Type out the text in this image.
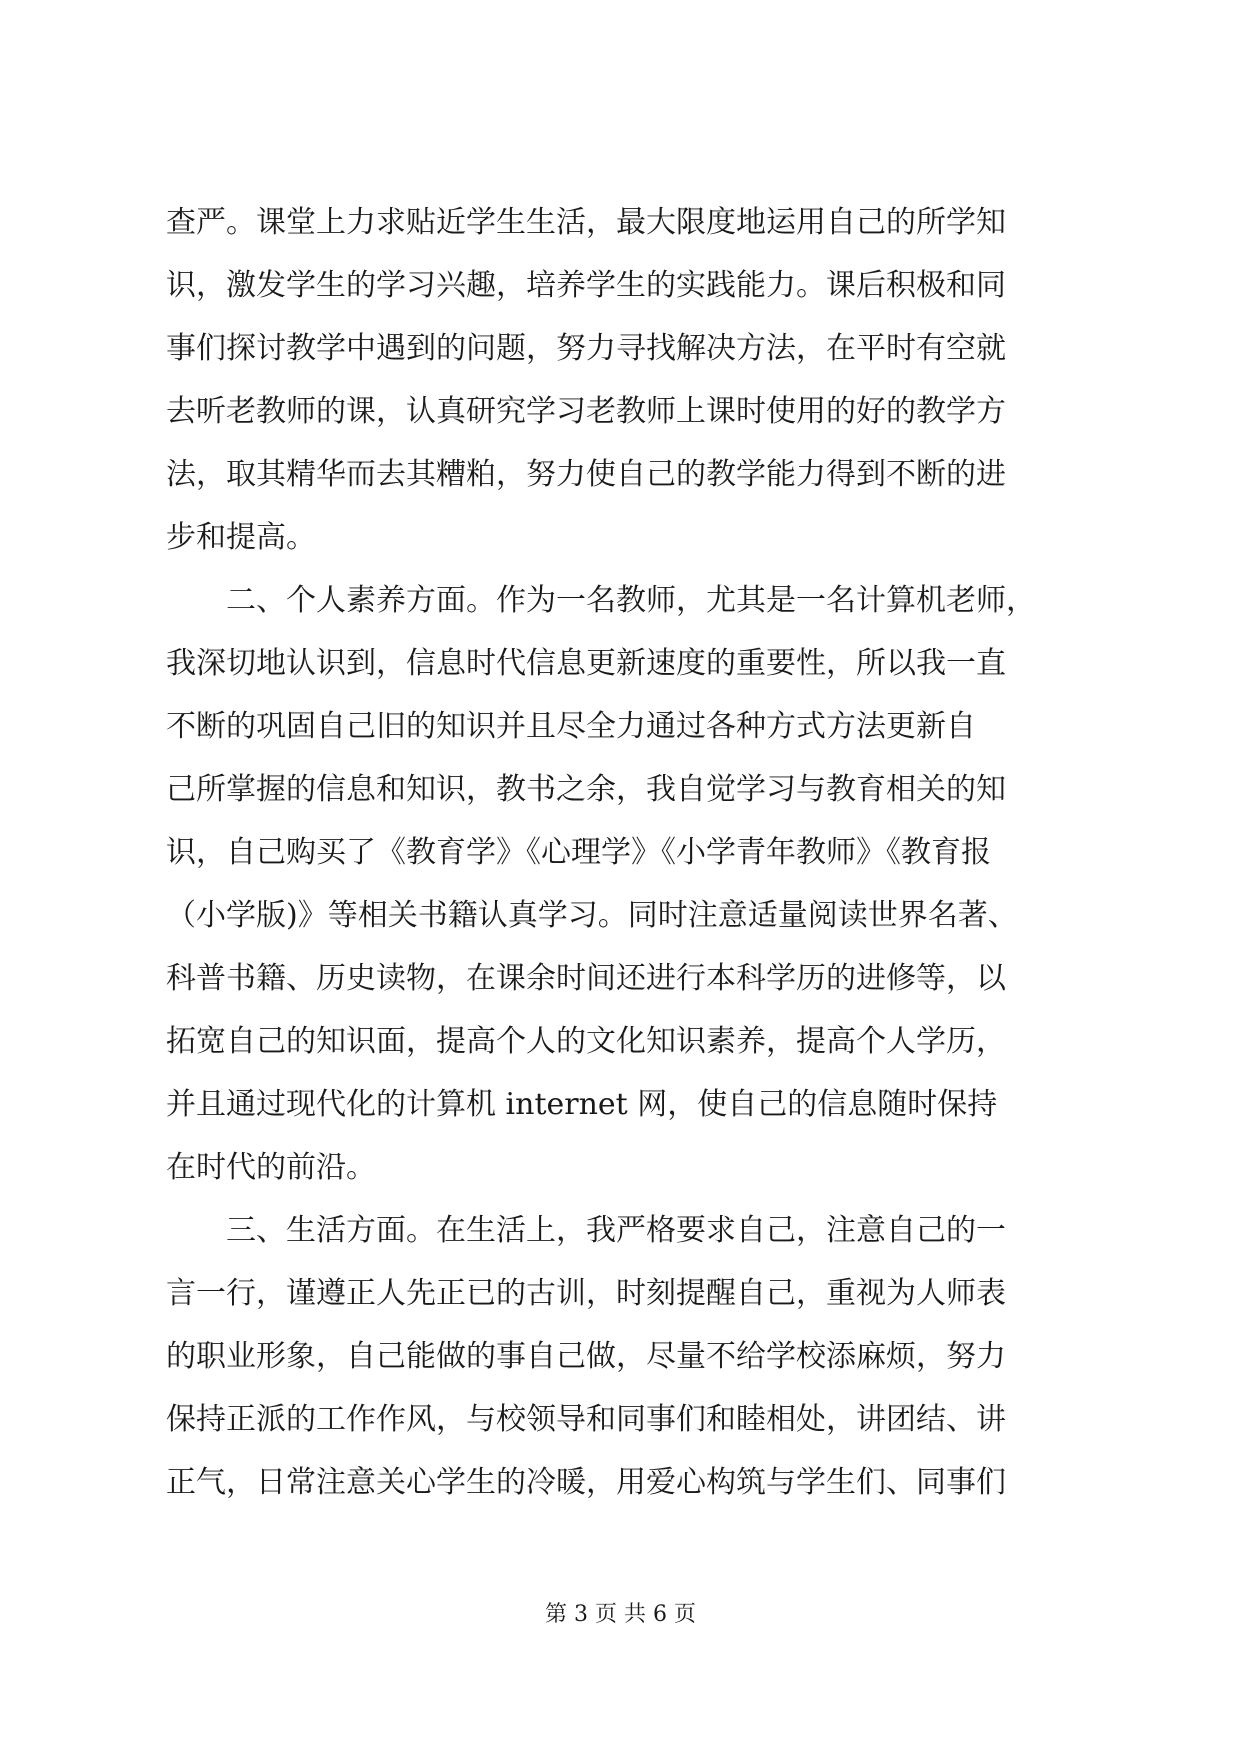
查严。课堂上力求贴近学生生活，最大限度地运用自己的所学知
识，激发学生的学习兴趣，培养学生的实践能力。课后积极和同
事们探讨教学中遇到的问题，努力寻找解决方法，在平时有空就
去听老教师的课，认真研究学习老教师上课时使用的好的教学方
法，取其精华而去其糟粕，努力使自己的教学能力得到不断的进
步和提高。
　　二、个人素养方面。作为一名教师，尤其是一名计算机老师，
我深切地认识到，信息时代信息更新速度的重要性，所以我一直
不断的巩固自己旧的知识并且尽全力通过各种方式方法更新自
己所掌握的信息和知识，教书之余，我自觉学习与教育相关的知
识，自己购买了《教育学》《心理学》《小学青年教师》《教育报
（小学版)》等相关书籍认真学习。同时注意适量阅读世界名著、
科普书籍、历史读物，在课余时间还进行本科学历的进修等，以
拓宽自己的知识面，提高个人的文化知识素养，提高个人学历，
并且通过现代化的计算机 internet 网，使自己的信息随时保持
在时代的前沿。
　　三、生活方面。在生活上，我严格要求自己，注意自己的一
言一行，谨遵正人先正已的古训，时刻提醒自己，重视为人师表
的职业形象，自己能做的事自己做，尽量不给学校添麻烦，努力
保持正派的工作作风，与校领导和同事们和睦相处，讲团结、讲
正气，日常注意关心学生的冷暖，用爱心构筑与学生们、同事们
第 3 页 共 6 页
